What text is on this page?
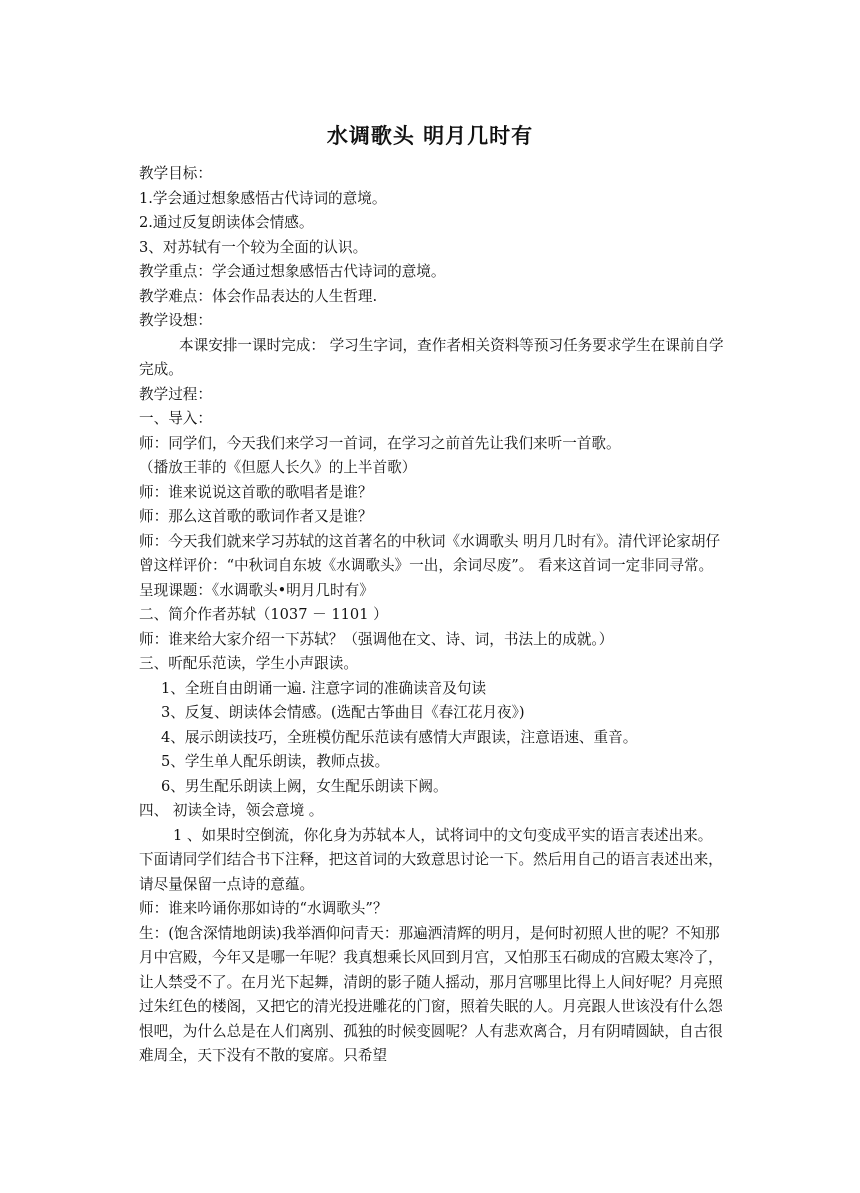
水调歌头 明月几时有

教学目标：

1.学会通过想象感悟古代诗词的意境。

2.通过反复朗读体会情感。

3、对苏轼有一个较为全面的认识。

教学重点：学会通过想象感悟古代诗词的意境。

教学难点：体会作品表达的人生哲理.

教学设想：

本课安排一课时完成： 学习生字词，查作者相关资料等预习任务要求学生在课前自学完成。

教学过程：

一、导入：

师：同学们，今天我们来学习一首词，在学习之前首先让我们来听一首歌。

（播放王菲的《但愿人长久》的上半首歌）

师：谁来说说这首歌的歌唱者是谁？

师：那么这首歌的歌词作者又是谁？

师：今天我们就来学习苏轼的这首著名的中秋词《水调歌头 明月几时有》。清代评论家胡仔曾这样评价：“中秋词自东坡《水调歌头》一出，余词尽废”。 看来这首词一定非同寻常。呈现课题：《水调歌头•明月几时有》

二、简介作者苏轼（1037 － 1101 ）

师：谁来给大家介绍一下苏轼？（强调他在文、诗、词，书法上的成就。）

三、听配乐范读，学生小声跟读。

1、全班自由朗诵一遍. 注意字词的准确读音及句读

3、反复、朗读体会情感。(选配古筝曲目《春江花月夜》)

4、展示朗读技巧，全班模仿配乐范读有感情大声跟读，注意语速、重音。

5、学生单人配乐朗读，教师点拔。

6、男生配乐朗读上阙，女生配乐朗读下阙。

四、 初读全诗，领会意境 。

1 、如果时空倒流，你化身为苏轼本人，试将词中的文句变成平实的语言表述出来。下面请同学们结合书下注释，把这首词的大致意思讨论一下。然后用自己的语言表述出来，请尽量保留一点诗的意蕴。

师：谁来吟诵你那如诗的“水调歌头”？

生：(饱含深情地朗读)我举酒仰问青天：那遍洒清辉的明月，是何时初照人世的呢？不知那月中宫殿，今年又是哪一年呢？我真想乘长风回到月宫，又怕那玉石砌成的宫殿太寒冷了，让人禁受不了。在月光下起舞，清朗的影子随人摇动，那月宫哪里比得上人间好呢？月亮照过朱红色的楼阁，又把它的清光投进雕花的门窗，照着失眠的人。月亮跟人世该没有什么怨恨吧，为什么总是在人们离别、孤独的时候变圆呢？人有悲欢离合，月有阴晴圆缺，自古很难周全，天下没有不散的宴席。只希望
